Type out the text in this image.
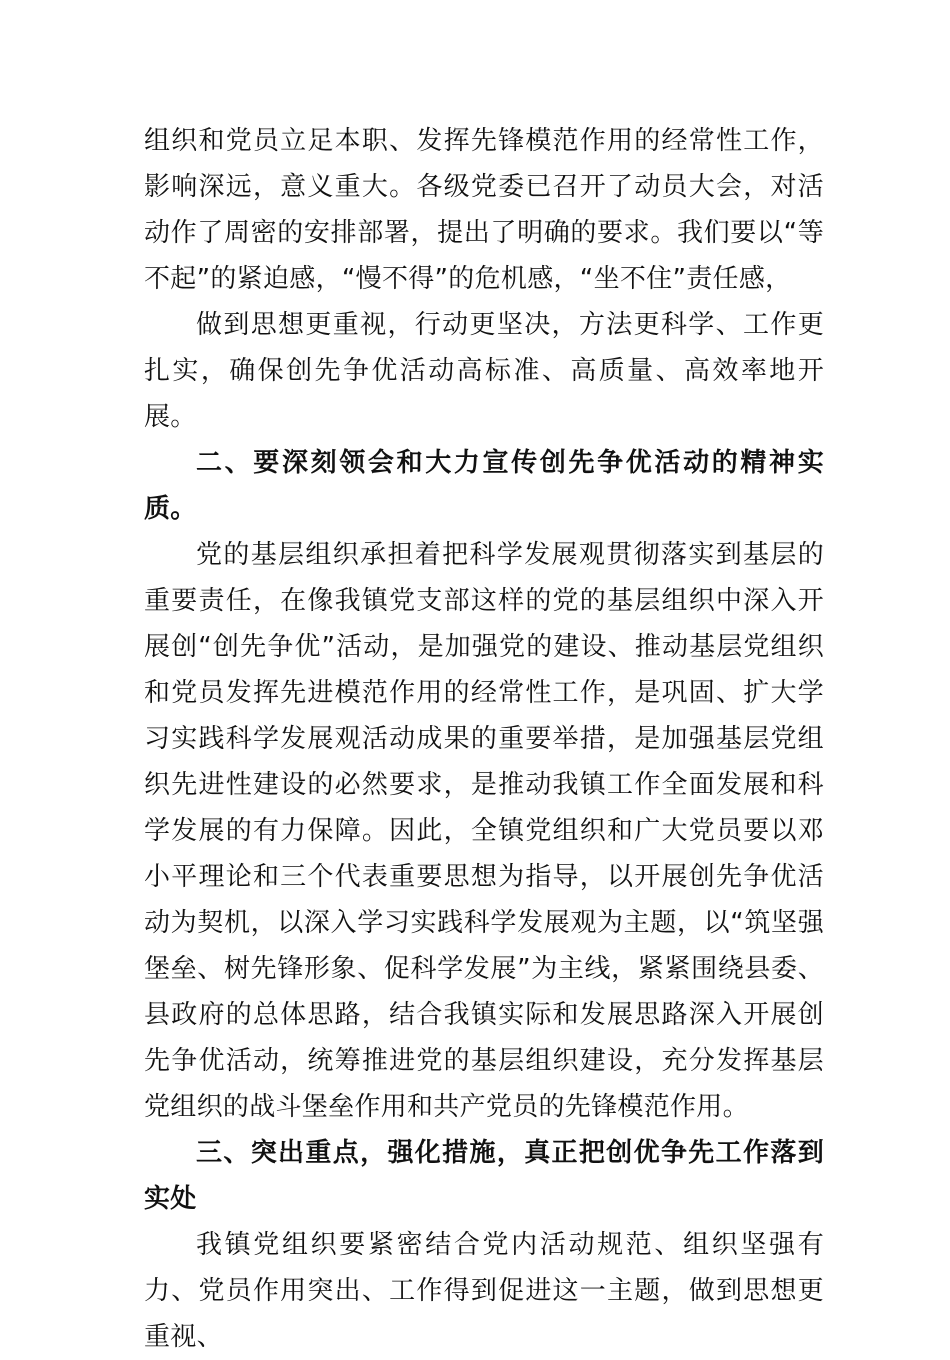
组织和党员立足本职、发挥先锋模范作用的经常性工作，影响深远，意义重大。各级党委已召开了动员大会，对活动作了周密的安排部署，提出了明确的要求。我们要以“等不起”的紧迫感，“慢不得”的危机感，“坐不住”责任感，

做到思想更重视，行动更坚决，方法更科学、工作更扎实，确保创先争优活动高标准、高质量、高效率地开展。

二、要深刻领会和大力宣传创先争优活动的精神实质。

党的基层组织承担着把科学发展观贯彻落实到基层的重要责任，在像我镇党支部这样的党的基层组织中深入开展创“创先争优”活动，是加强党的建设、推动基层党组织和党员发挥先进模范作用的经常性工作，是巩固、扩大学习实践科学发展观活动成果的重要举措，是加强基层党组织先进性建设的必然要求，是推动我镇工作全面发展和科学发展的有力保障。因此，全镇党组织和广大党员要以邓小平理论和三个代表重要思想为指导，以开展创先争优活动为契机，以深入学习实践科学发展观为主题，以“筑坚强堡垒、树先锋形象、促科学发展”为主线，紧紧围绕县委、县政府的总体思路，结合我镇实际和发展思路深入开展创先争优活动，统筹推进党的基层组织建设，充分发挥基层党组织的战斗堡垒作用和共产党员的先锋模范作用。

三、突出重点，强化措施，真正把创优争先工作落到实处

我镇党组织要紧密结合党内活动规范、组织坚强有力、党员作用突出、工作得到促进这一主题，做到思想更重视、
